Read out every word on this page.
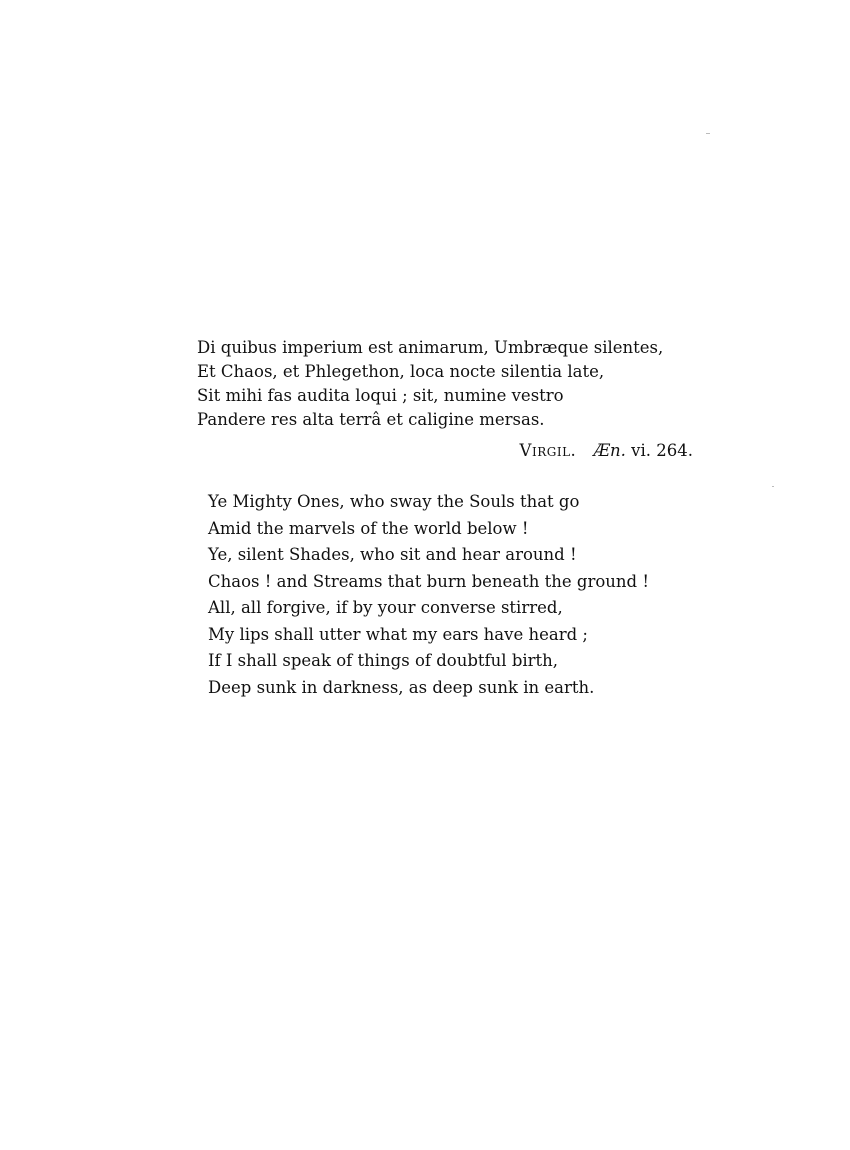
Di quibus imperium est animarum, Umbræque silentes,
Et Chaos, et Phlegethon, loca nocte silentia late,
Sit mihi fas audita loqui ; sit, numine vestro
Pandere res alta terrâ et caligine mersas.
Virgil. Æn. vi. 264.
Ye Mighty Ones, who sway the Souls that go
Amid the marvels of the world below !
Ye, silent Shades, who sit and hear around !
Chaos ! and Streams that burn beneath the ground !
All, all forgive, if by your converse stirred,
My lips shall utter what my ears have heard ;
If I shall speak of things of doubtful birth,
Deep sunk in darkness, as deep sunk in earth.
